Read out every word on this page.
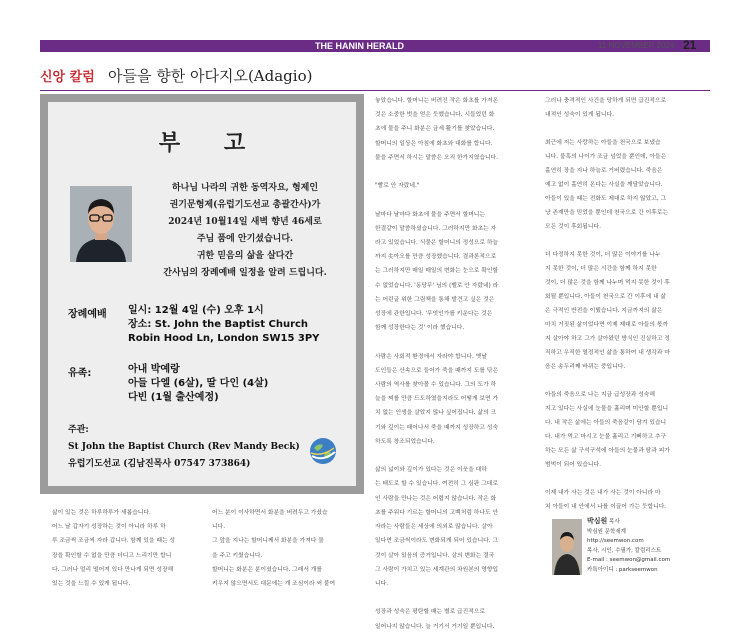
THE HANIN HERALD	11 NOVEMBER 2024 21
신앙 칼럼 아들을 향한 아다지오(Adagio)
부 고
하나님 나라의 귀한 동역자요, 형제인
권기문형제(유럽기도선교 총괄간사)가
2024년 10월14일 새벽 향년 46세로
주님 품에 안기셨습니다.
귀한 믿음의 삶을 살다간
간사님의 장례예배 일정을 알려 드립니다.
장례예배 일시: 12월 4일 (수) 오후 1시
장소: St. John the Baptist Church
Robin Hood Ln, London SW15 3PY
유족:	아내 박예랑
아들 다엘 (6살), 딸 다인 (4살)
다빈 (1월 출산예정)
주관:
St John the Baptist Church (Rev Mandy Beck)
유럽기도선교 (김남진목사 07547 373864)
삶이 있는 것은 하루하루가 새롭습니다.
어느 날 갑자기 성장하는 것이 아니라 하루 하
루 조금씩 조금씩 자라 갑니다. 함께 있을 때는 성
장을 확인할 수 없을 만큼 더디고 느리기만 합니
다. 그러나 멀리 떨어져 있다 만나게 되면 성장해
있는 것을 느낄 수 있게 됩니다.
어느 분이 이사하면서 화분을 버려두고 가셨습
니다.
그 앞을 지나는 할머니께서 화분을 가져다 물
을 주고 키웠습니다.
할머니는 화분은 분이셨습니다. 그래서 개를
키우지 않으면서도 대문에는 개 조심이라 써 붙여
놓았습니다. 할머니는 버려진 작은 화초를 가져온
것은 소중한 벗을 얻은 듯했습니다. 시들었던 화
초에 물을 주니 화분은 금세 활기를 찾았습니다.
할머니의 일상은 아침에 화초와 대화를 합니다.
물을 주면서 하시는 말씀은 오직 한가지였습니다.

"빨로 안 자랐네."

날마다 날마다 화초에 물을 주면서 할머니는
한결같이 말씀하셨습니다. 그러하지만 화초는 자
라고 있었습니다. 식물은 할머니의 정성으로 하늘
까지 솟아오를 만큼 성장했습니다. 결과론적으로
는 그러하지만 매일 매일의 변화는 눈으로 확인할
수 없었습니다. '동당무' 님의 (벨로 안 자랐네) 라
는 어린글 위한 그림책을 통해 발견고 싶은 것은
성장에 관한입니다. '무엇인가를 키운다는 것은
함께 성장한다는 것' 이라 했습니다.

사람은 사회적 환경에서 자라야 합니다. 옛날
도인들은 산속으로 들어가 죽을 때까지 도를 닦은
사람의 역사를 찾아볼 수 있습니다. 그의 도가 하
늘을 찌를 만큼 드도하였을지라도 어떻게 보면 가
치 없는 인생을 살았지 않나 싶어집니다. 삶의 크
기와 깊이는 패어나서 죽을 때까지 성장하고 성숙
하도록 창조되었습니다.

삶의 넓이와 깊이가 있다는 것은 이웃을 대하
는 태도로 할 수 있습니다. 여전히 그 심판 그대로
인 사람을 만나는 것은 어렵지 않습니다. 작은 화
초를 주워다 기르는 할머니의 고백처럼 하나도 안
자라는 사람들은 세상에 의외로 많습니다. 살아
있다면 조금씩이라도 변화되게 되어 있습니다. 그
것이 살아 있음의 증거입니다. 살의 변화는 결국
그 사람이 가치고 있는 세계관의 차원본의 영향입
니다.

성장과 성숙은 평탄할 때는 별로 급진적으로
일어나지 않습니다. 늘 거기서 거기일 뿐입니다.
그러나 충격적인 사건을 당하게 되면 급진적으로
내적인 성숙이 있게 됩니다.

최근에 저는 사랑하는 아들을 천국으로 보냈습
니다. 불혹의 나이가 조금 넘었을 뿐인데, 아들은
홀연히 장을 지나 하늘로 거버렸습니다. 죽음은
예고 없이 홀연히 온다는 사실을 깨달았습니다.
아들이 있을 때는 전화도 제대로 하지 않았고, 그
냥 존재만을 믿었을 뿐인데 천국으로 간 이후로는
모든 것이 후회됩니다.

더 다정하지 못한 것이, 더 많은 이야기를 나누
지 못한 것이, 더 많은 시간을 함께 하지 못한
것이, 더 많은 것을 함께 나누며 먹지 못한 것이 후
회될 뿐입니다. 아들이 천국으로 간 이후에 내 삶
은 극적인 반전을 이뤘습니다. 지금까지의 삶은
마치 거짓된 삶이었다면 이제 제대로 아들의 몫까
지 살아야 하고 그가 살아왔던 방식인 진실하고 정
직하고 우직한 열정적인 삶을 통하여 내 생각과 마
음은 송두리째 바뀌는 중입니다.

아들의 죽음으로 나는 지금 급성장과 성숙해
지고 있다는 사실에 눈물을 흘리며 미안할 뿐입니
다. 내 작은 삶에는 아들의 죽음같이 담겨 있습니
다. 내가 먹고 마시고 눈물 흘리고 기뻐하고 추구
하는 모든 삶 구석구석에 아들의 눈물과 땀과 피가
범벅이 되어 있습니다.

이제 내가 사는 것은 내가 사는 것이 아니라 마
치 아들이 내 안에서 나를 이끌어 가는 듯합니다.
박심원 목사
박심원 문학세계
http://seemwon.com
목사, 시인, 수필가, 칼럼리스트
E-mail : seemwon@gmail.com
카톡아이디 : parkseemwon
